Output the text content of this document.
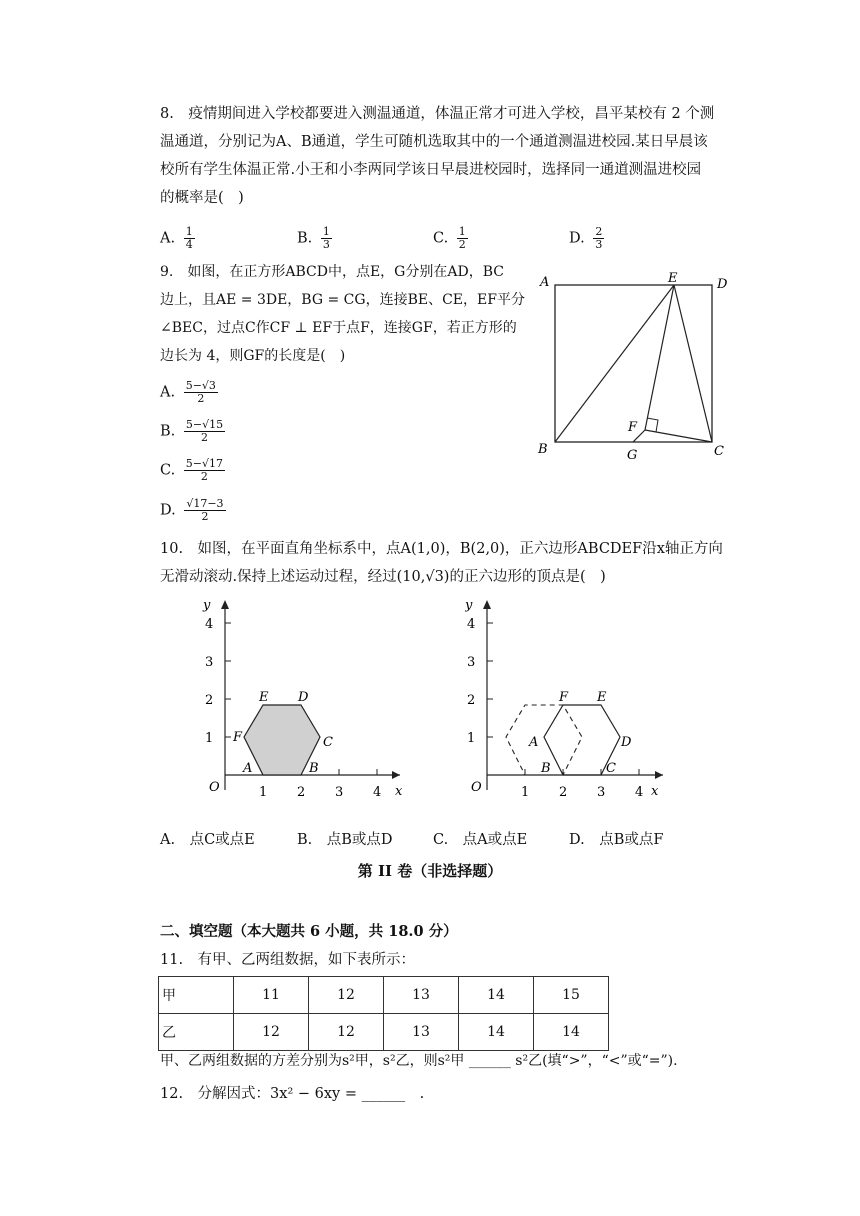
8.　疫情期间进入学校都要进入测温通道，体温正常才可进入学校，昌平某校有 2 个测
温通道，分别记为A、B通道，学生可随机选取其中的一个通道测温进校园.某日早晨该
校所有学生体温正常.小王和小李两同学该日早晨进校园时，选择同一通道测温进校园
的概率是(　)
A. $\frac{1}{4}$	B. $\frac{1}{3}$	C. $\frac{1}{2}$	D. $\frac{2}{3}$
9.　如图，在正方形ABCD中，点E，G分别在AD，BC
边上，且AE = 3DE，BG = CG，连接BE、CE，EF平分
∠BEC，过点C作CF ⊥ EF于点F，连接GF，若正方形的
边长为 4，则GF的长度是(　)
A. $\frac{5-√3}{2}$
B. $\frac{5-√15}{2}$
C. $\frac{5-√17}{2}$
D. $\frac{√17-3}{2}$
A	E	D
F
B	G	C
10.　如图，在平面直角坐标系中，点A(1,0)，B(2,0)，正六边形ABCDEF沿x轴正方向
无滑动滚动.保持上述运动过程，经过(10,√3)的正六边形的顶点是(　)
y
x
O
4
3
2
1
1 2 3 4
E D
F	C
A	B
y
x
O
4
3
2
1
1 2 3 4
F E
A	D
B	C
A.　点C或点E	B.　点B或点D	C.　点A或点E	D.　点B或点F
第 II 卷（非选择题）
二、填空题（本大题共 6 小题，共 18.0 分）
11.　有甲、乙两组数据，如下表所示：
甲	11	12	13	14	15
乙	12	12	13	14	14
甲、乙两组数据的方差分别为s²甲，s²乙，则s²甲 ______ s²乙(填“>”，“<”或“=”).
12.　分解因式：3x² − 6xy = ______　.
